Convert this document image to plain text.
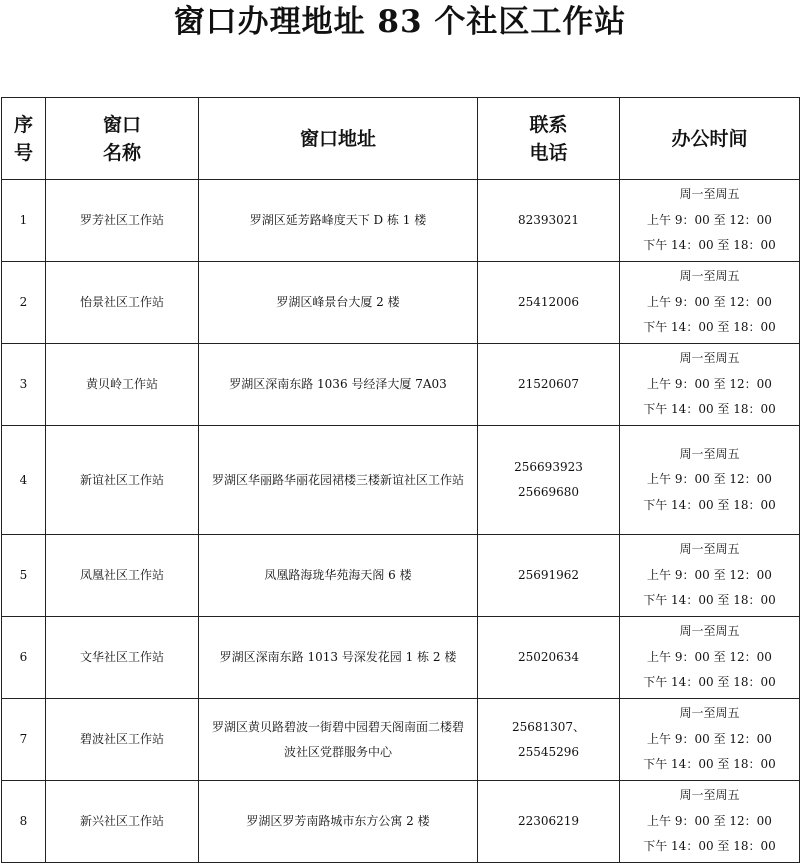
窗口办理地址 83 个社区工作站
序
号	窗口
名称	窗口地址	联系
电话	办公时间
1	罗芳社区工作站	罗湖区延芳路峰度天下 D 栋 1 楼	82393021	周一至周五
上午 9：00 至 12：00
下午 14：00 至 18：00

2	怡景社区工作站	罗湖区峰景台大厦 2 楼	25412006	周一至周五
上午 9：00 至 12：00
下午 14：00 至 18：00

3	黄贝岭工作站	罗湖区深南东路 1036 号经泽大厦 7A03	21520607	周一至周五
上午 9：00 至 12：00
下午 14：00 至 18：00

4	新谊社区工作站	罗湖区华丽路华丽花园裙楼三楼新谊社区工作站	256693923
25669680	周一至周五
上午 9：00 至 12：00
下午 14：00 至 18：00

5	凤凰社区工作站	凤凰路海珑华苑海天阁 6 楼	25691962	周一至周五
上午 9：00 至 12：00
下午 14：00 至 18：00

6	文华社区工作站	罗湖区深南东路 1013 号深发花园 1 栋 2 楼	25020634	周一至周五
上午 9：00 至 12：00
下午 14：00 至 18：00

7	碧波社区工作站	罗湖区黄贝路碧波一街碧中园碧天阁南面二楼碧波社区党群服务中心	25681307、
25545296	周一至周五
上午 9：00 至 12：00
下午 14：00 至 18：00

8	新兴社区工作站	罗湖区罗芳南路城市东方公寓 2 楼	22306219	周一至周五
上午 9：00 至 12：00
下午 14：00 至 18：00
